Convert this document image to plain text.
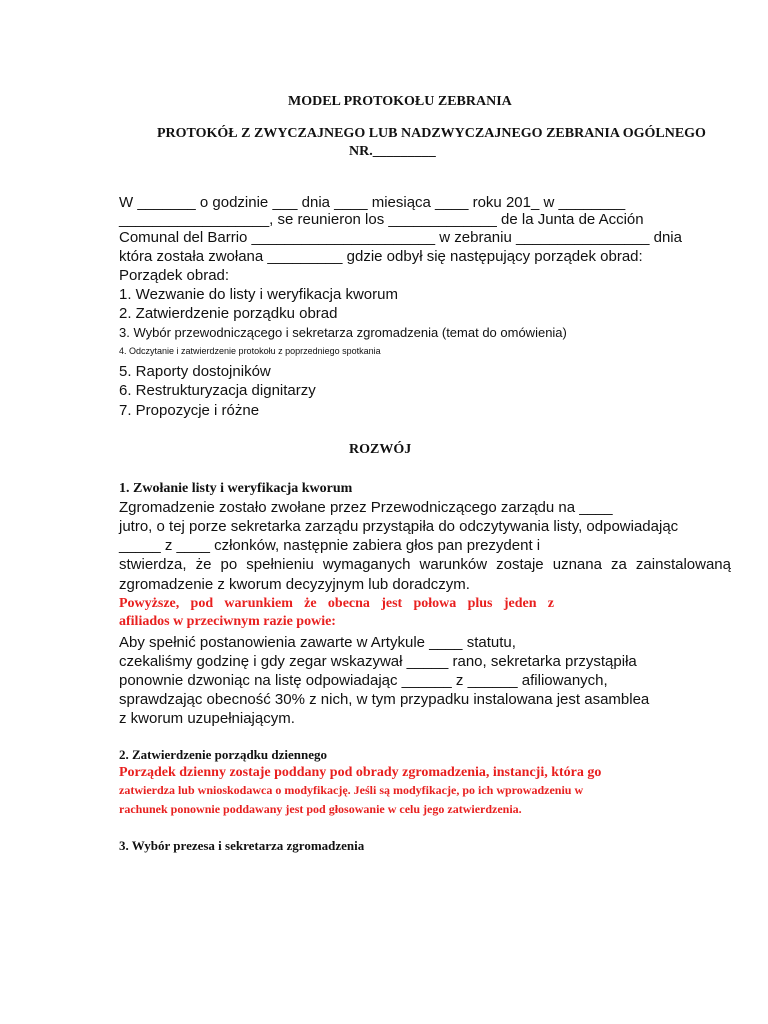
MODEL PROTOKOŁU ZEBRANIA
PROTOKÓŁ Z ZWYCZAJNEGO LUB NADZWYCZAJNEGO ZEBRANIA OGÓLNEGO
NR._________
W _______ o godzinie ___ dnia ____ miesiąca ____ roku 201_ w ________
__________________, se reunieron los _____________ de la Junta de Acción
Comunal del Barrio ______________________ w zebraniu ________________ dnia
która została zwołana _________ gdzie odbył się następujący porządek obrad:
Porządek obrad:
1. Wezwanie do listy i weryfikacja kworum
2. Zatwierdzenie porządku obrad
3. Wybór przewodniczącego i sekretarza zgromadzenia (temat do omówienia)
4. Odczytanie i zatwierdzenie protokołu z poprzedniego spotkania
5. Raporty dostojników
6. Restrukturyzacja dignitarzy
7. Propozycje i różne
ROZWÓJ
1. Zwołanie listy i weryfikacja kworum
Zgromadzenie zostało zwołane przez Przewodniczącego zarządu na ____
jutro, o tej porze sekretarka zarządu przystąpiła do odczytywania listy, odpowiadając
_____ z ____ członków, następnie zabiera głos pan prezydent i
stwierdza, że po spełnieniu wymaganych warunków zostaje uznana za zainstalowaną
zgromadzenie z kworum decyzyjnym lub doradczym.
Powyższe, pod warunkiem że obecna jest połowa plus jeden z
afiliados w przeciwnym razie powie:
Aby spełnić postanowienia zawarte w Artykule ____ statutu,
czekaliśmy godzinę i gdy zegar wskazywał _____ rano, sekretarka przystąpiła
ponownie dzwoniąc na listę odpowiadając ______ z ______ afiliowanych,
sprawdzając obecność 30% z nich, w tym przypadku instalowana jest asamblea
z kworum uzupełniającym.
2. Zatwierdzenie porządku dziennego
Porządek dzienny zostaje poddany pod obrady zgromadzenia, instancji, która go
zatwierdza lub wnioskodawca o modyfikację. Jeśli są modyfikacje, po ich wprowadzeniu w
rachunek ponownie poddawany jest pod głosowanie w celu jego zatwierdzenia.
3. Wybór prezesa i sekretarza zgromadzenia
